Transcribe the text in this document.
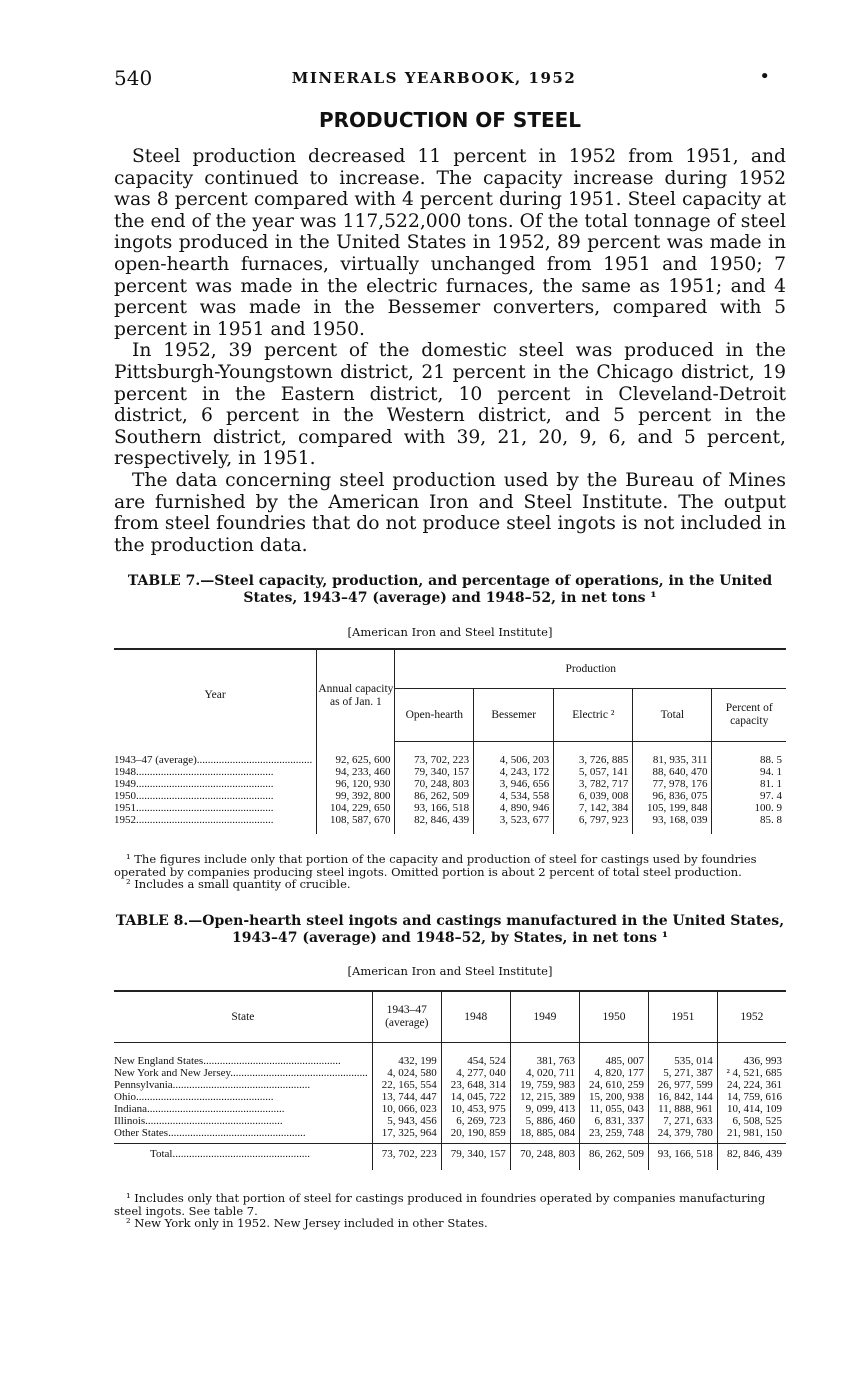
540	MINERALS YEARBOOK, 1952	•
PRODUCTION OF STEEL

Steel production decreased 11 percent in 1952 from 1951, and capacity continued to increase. The capacity increase during 1952 was 8 percent compared with 4 percent during 1951. Steel capacity at the end of the year was 117,522,000 tons. Of the total tonnage of steel ingots produced in the United States in 1952, 89 percent was made in open-hearth furnaces, virtually unchanged from 1951 and 1950; 7 percent was made in the electric furnaces, the same as 1951; and 4 percent was made in the Bessemer converters, compared with 5 percent in 1951 and 1950.

In 1952, 39 percent of the domestic steel was produced in the Pittsburgh-Youngstown district, 21 percent in the Chicago district, 19 percent in the Eastern district, 10 percent in Cleveland-Detroit district, 6 percent in the Western district, and 5 percent in the Southern district, compared with 39, 21, 20, 9, 6, and 5 percent, respectively, in 1951.

The data concerning steel production used by the Bureau of Mines are furnished by the American Iron and Steel Institute. The output from steel foundries that do not produce steel ingots is not included in the production data.

TABLE 7.—Steel capacity, production, and percentage of operations, in the United States, 1943–47 (average) and 1948–52, in net tons ¹
[American Iron and Steel Institute]
Year	Annual capacity as of Jan. 1	Production				
		Open-hearth	Bessemer	Electric ²	Total	Percent of capacity

1943–47 (average)..........................................	92, 625, 600	73, 702, 223	4, 506, 203	3, 726, 885	81, 935, 311	88. 5
1948..................................................	94, 233, 460	79, 340, 157	4, 243, 172	5, 057, 141	88, 640, 470	94. 1
1949..................................................	96, 120, 930	70, 248, 803	3, 946, 656	3, 782, 717	77, 978, 176	81. 1
1950..................................................	99, 392, 800	86, 262, 509	4, 534, 558	6, 039, 008	96, 836, 075	97. 4
1951..................................................	104, 229, 650	93, 166, 518	4, 890, 946	7, 142, 384	105, 199, 848	100. 9
1952..................................................	108, 587, 670	82, 846, 439	3, 523, 677	6, 797, 923	93, 168, 039	85. 8

¹ The figures include only that portion of the capacity and production of steel for castings used by foundries operated by companies producing steel ingots. Omitted portion is about 2 percent of total steel production.

² Includes a small quantity of crucible.

TABLE 8.—Open-hearth steel ingots and castings manufactured in the United States, 1943–47 (average) and 1948–52, by States, in net tons ¹
[American Iron and Steel Institute]
State	1943–47 (average)	1948	1949	1950	1951	1952

New England States..................................................	432, 199	454, 524	381, 763	485, 007	535, 014	436, 993
New York and New Jersey..................................................	4, 024, 580	4, 277, 040	4, 020, 711	4, 820, 177	5, 271, 387	² 4, 521, 685
Pennsylvania..................................................	22, 165, 554	23, 648, 314	19, 759, 983	24, 610, 259	26, 977, 599	24, 224, 361
Ohio..................................................	13, 744, 447	14, 045, 722	12, 215, 389	15, 200, 938	16, 842, 144	14, 759, 616
Indiana..................................................	10, 066, 023	10, 453, 975	9, 099, 413	11, 055, 043	11, 888, 961	10, 414, 109
Illinois..................................................	5, 943, 456	6, 269, 723	5, 886, 460	6, 831, 337	7, 271, 633	6, 508, 525
Other States..................................................	17, 325, 964	20, 190, 859	18, 885, 084	23, 259, 748	24, 379, 780	21, 981, 150

Total..................................................	73, 702, 223	79, 340, 157	70, 248, 803	86, 262, 509	93, 166, 518	82, 846, 439

¹ Includes only that portion of steel for castings produced in foundries operated by companies manufacturing steel ingots. See table 7.

² New York only in 1952. New Jersey included in other States.
